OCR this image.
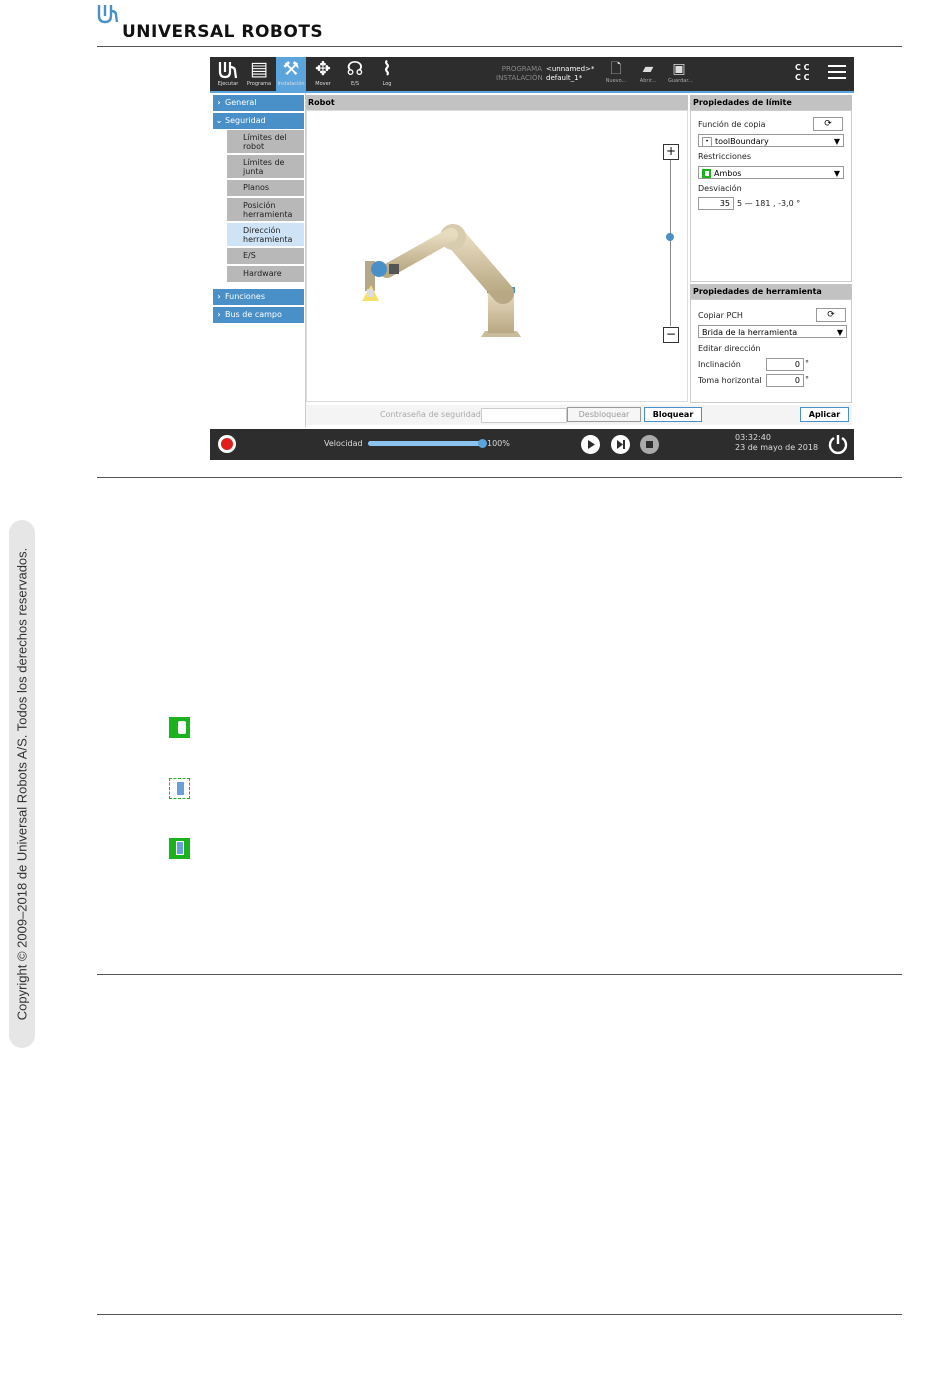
UNIVERSAL ROBOTS
Ejecutar
▤
Programa
⚒
Instalación
✥
Mover
☊
E/S
⌇
Log
PROGRAMA <unnamed>*
INSTALACIÓN default_1*
🗋
Nuevo...
▰
Abrir...
▣
Guardar...
C C
C C
› General
⌄ Seguridad
Límites del robot
Límites de junta
Planos
Posición herramienta
Dirección herramienta
E/S
Hardware
› Funciones
› Bus de campo
Robot
+
−
Propiedades de límite
Función de copia	⟳
• toolBoundary	▼
Restricciones
Ambos	▼
Desviación
35 5 — 181 , -3,0 °
Propiedades de herramienta
Copiar PCH	⟳
Brida de la herramienta	▼
Editar dirección
Inclinación	0 °
Toma horizontal	0 °
Contraseña de seguridad	Desbloquear	Bloquear	Aplicar
Velocidad	100%
03:32:40
23 de mayo de 2018
Copyright © 2009–2018 de Universal Robots A/S. Todos los derechos reservados.
